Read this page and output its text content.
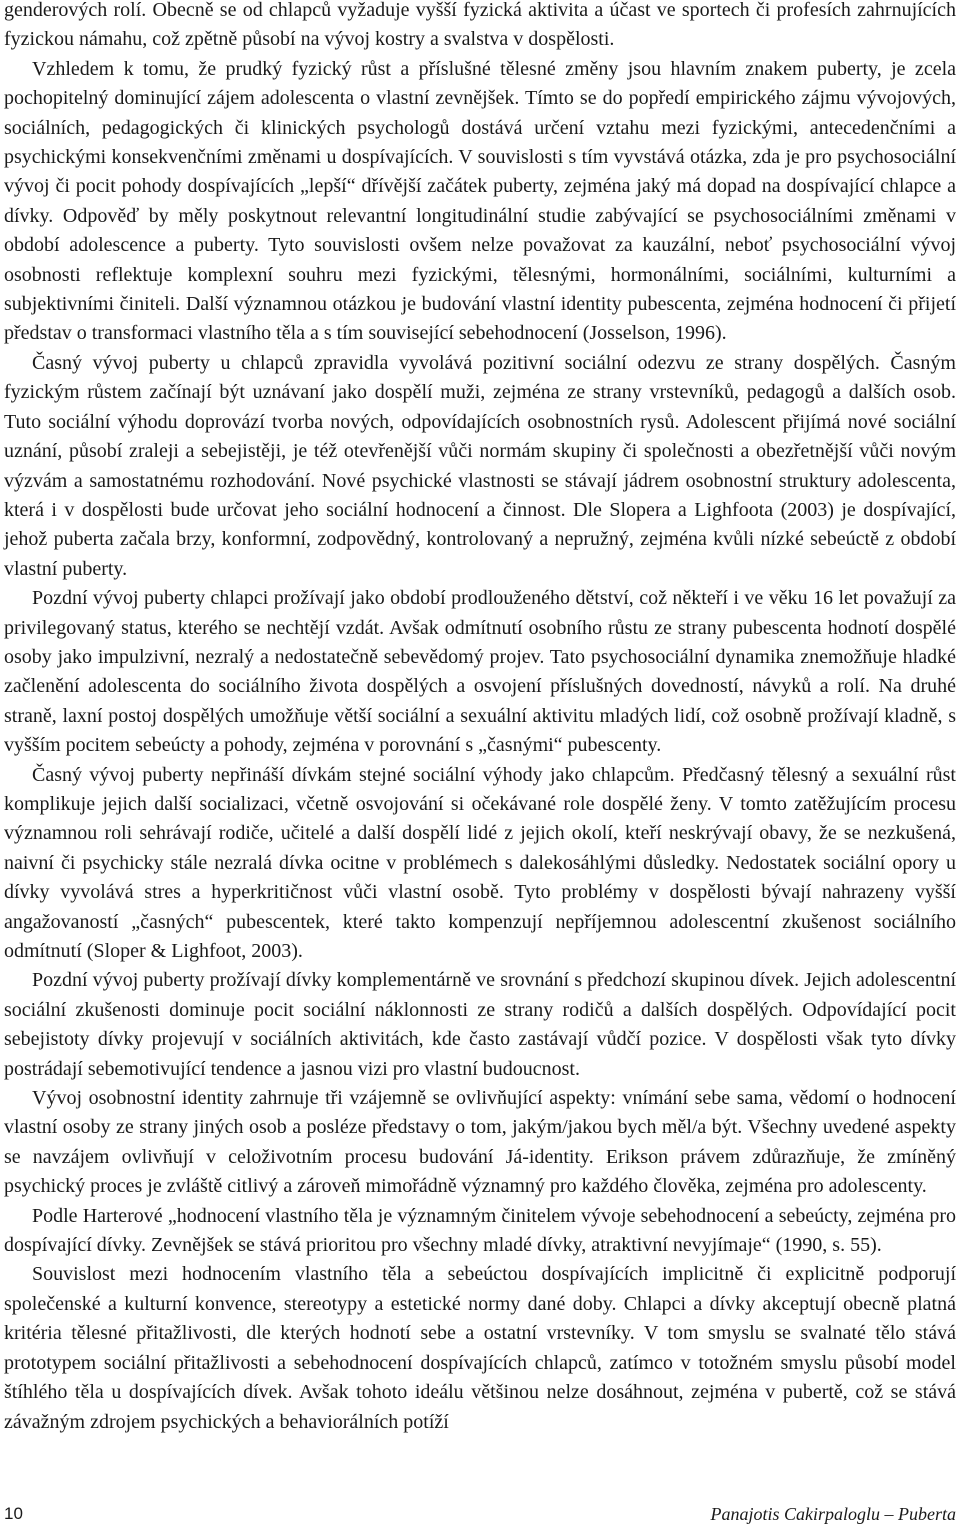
genderových rolí. Obecně se od chlapců vyžaduje vyšší fyzická aktivita a účast ve sportech či profesích zahrnujících fyzickou námahu, což zpětně působí na vývoj kostry a svalstva v dospělosti.

Vzhledem k tomu, že prudký fyzický růst a příslušné tělesné změny jsou hlavním znakem puberty, je zcela pochopitelný dominující zájem adolescenta o vlastní zevnějšek. Tímto se do popředí empirického zájmu vývojových, sociálních, pedagogických či klinických psychologů dostává určení vztahu mezi fyzickými, antecedenčními a psychickými konsekvenčními změnami u dospívajících. V souvislosti s tím vyvstává otázka, zda je pro psychosociální vývoj či pocit pohody dospívajících „lepší“ dřívější začátek puberty, zejména jaký má dopad na dospívající chlapce a dívky. Odpověď by měly poskytnout relevantní longitudinální studie zabývající se psychosociálními změnami v období adolescence a puberty. Tyto souvislosti ovšem nelze považovat za kauzální, neboť psychosociální vývoj osobnosti reflektuje komplexní souhru mezi fyzickými, tělesnými, hormonálními, sociálními, kulturními a subjektivními činiteli. Další významnou otázkou je budování vlastní identity pubescenta, zejména hodnocení či přijetí představ o transformaci vlastního těla a s tím související sebehodnocení (Josselson, 1996).

Časný vývoj puberty u chlapců zpravidla vyvolává pozitivní sociální odezvu ze strany dospělých. Časným fyzickým růstem začínají být uznávaní jako dospělí muži, zejména ze strany vrstevníků, pedagogů a dalších osob. Tuto sociální výhodu doprovází tvorba nových, odpovídajících osobnostních rysů. Adolescent přijímá nové sociální uznání, působí zraleji a sebejistěji, je též otevřenější vůči normám skupiny či společnosti a obezřetnější vůči novým výzvám a samostatnému rozhodování. Nové psychické vlastnosti se stávají jádrem osobnostní struktury adolescenta, která i v dospělosti bude určovat jeho sociální hodnocení a činnost. Dle Slopera a Lighfoota (2003) je dospívající, jehož puberta začala brzy, konformní, zodpovědný, kontrolovaný a nepružný, zejména kvůli nízké sebeúctě z období vlastní puberty.

Pozdní vývoj puberty chlapci prožívají jako období prodlouženého dětství, což někteří i ve věku 16 let považují za privilegovaný status, kterého se nechtějí vzdát. Avšak odmítnutí osobního růstu ze strany pubescenta hodnotí dospělé osoby jako impulzivní, nezralý a nedostatečně sebevědomý projev. Tato psychosociální dynamika znemožňuje hladké začlenění adolescenta do sociálního života dospělých a osvojení příslušných dovedností, návyků a rolí. Na druhé straně, laxní postoj dospělých umožňuje větší sociální a sexuální aktivitu mladých lidí, což osobně prožívají kladně, s vyšším pocitem sebeúcty a pohody, zejména v porovnání s „časnými“ pubescenty.

Časný vývoj puberty nepřináší dívkám stejné sociální výhody jako chlapcům. Předčasný tělesný a sexuální růst komplikuje jejich další socializaci, včetně osvojování si očekávané role dospělé ženy. V tomto zatěžujícím procesu významnou roli sehrávají rodiče, učitelé a další dospělí lidé z jejich okolí, kteří neskrývají obavy, že se nezkušená, naivní či psychicky stále nezralá dívka ocitne v problémech s dalekosáhlými důsledky. Nedostatek sociální opory u dívky vyvolává stres a hyperkritičnost vůči vlastní osobě. Tyto problémy v dospělosti bývají nahrazeny vyšší angažovaností „časných“ pubescentek, které takto kompenzují nepříjemnou adolescentní zkušenost sociálního odmítnutí (Sloper & Lighfoot, 2003).

Pozdní vývoj puberty prožívají dívky komplementárně ve srovnání s předchozí skupinou dívek. Jejich adolescentní sociální zkušenosti dominuje pocit sociální náklonnosti ze strany rodičů a dalších dospělých. Odpovídající pocit sebejistoty dívky projevují v sociálních aktivitách, kde často zastávají vůdčí pozice. V dospělosti však tyto dívky postrádají sebemotivující tendence a jasnou vizi pro vlastní budoucnost.

Vývoj osobnostní identity zahrnuje tři vzájemně se ovlivňující aspekty: vnímání sebe sama, vědomí o hodnocení vlastní osoby ze strany jiných osob a posléze představy o tom, jakým/jakou bych měl/a být. Všechny uvedené aspekty se navzájem ovlivňují v celoživotním procesu budování Já-identity. Erikson právem zdůrazňuje, že zmíněný psychický proces je zvláště citlivý a zároveň mimořádně významný pro každého člověka, zejména pro adolescenty.

Podle Harterové „hodnocení vlastního těla je významným činitelem vývoje sebehodnocení a sebeúcty, zejména pro dospívající dívky. Zevnějšek se stává prioritou pro všechny mladé dívky, atraktivní nevyjímaje“ (1990, s. 55).

Souvislost mezi hodnocením vlastního těla a sebeúctou dospívajících implicitně či explicitně podporují společenské a kulturní konvence, stereotypy a estetické normy dané doby. Chlapci a dívky akceptují obecně platná kritéria tělesné přitažlivosti, dle kterých hodnotí sebe a ostatní vrstevníky. V tom smyslu se svalnaté tělo stává prototypem sociální přitažlivosti a sebehodnocení dospívajících chlapců, zatímco v totožném smyslu působí model štíhlého těla u dospívajících dívek. Avšak tohoto ideálu většinou nelze dosáhnout, zejména v pubertě, což se stává závažným zdrojem psychických a behaviorálních potíží

10	Panajotis Cakirpaloglu – Puberta
